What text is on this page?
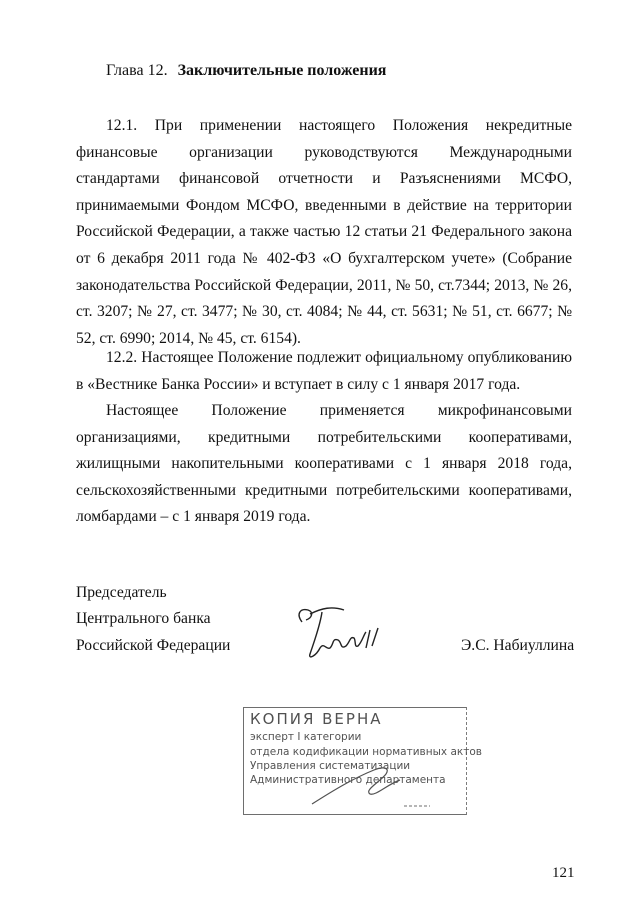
Глава 12. Заключительные положения

12.1. При применении настоящего Положения некредитные финансовые организации руководствуются Международными стандартами финансовой отчетности и Разъяснениями МСФО, принимаемыми Фондом МСФО, введенными в действие на территории Российской Федерации, а также частью 12 статьи 21 Федерального закона от 6 декабря 2011 года № 402-ФЗ «О бухгалтерском учете» (Собрание законодательства Российской Федерации, 2011, № 50, ст.7344; 2013, № 26, ст. 3207; № 27, ст. 3477; № 30, ст. 4084; № 44, ст. 5631; № 51, ст. 6677; № 52, ст. 6990; 2014, № 45, ст. 6154).

12.2. Настоящее Положение подлежит официальному опубликованию в «Вестнике Банка России» и вступает в силу с 1 января 2017 года.

Настоящее Положение применяется микрофинансовыми организациями, кредитными потребительскими кооперативами, жилищными накопительными кооперативами с 1 января 2018 года, сельскохозяйственными кредитными потребительскими кооперативами, ломбардами – с 1 января 2019 года.

Председатель
Центрального банка
Российской Федерации	Э.С. Набиуллина
КОПИЯ ВЕРНА
эксперт I категории
отдела кодификации нормативных актов
Управления систематизации
Административного департамента
121
